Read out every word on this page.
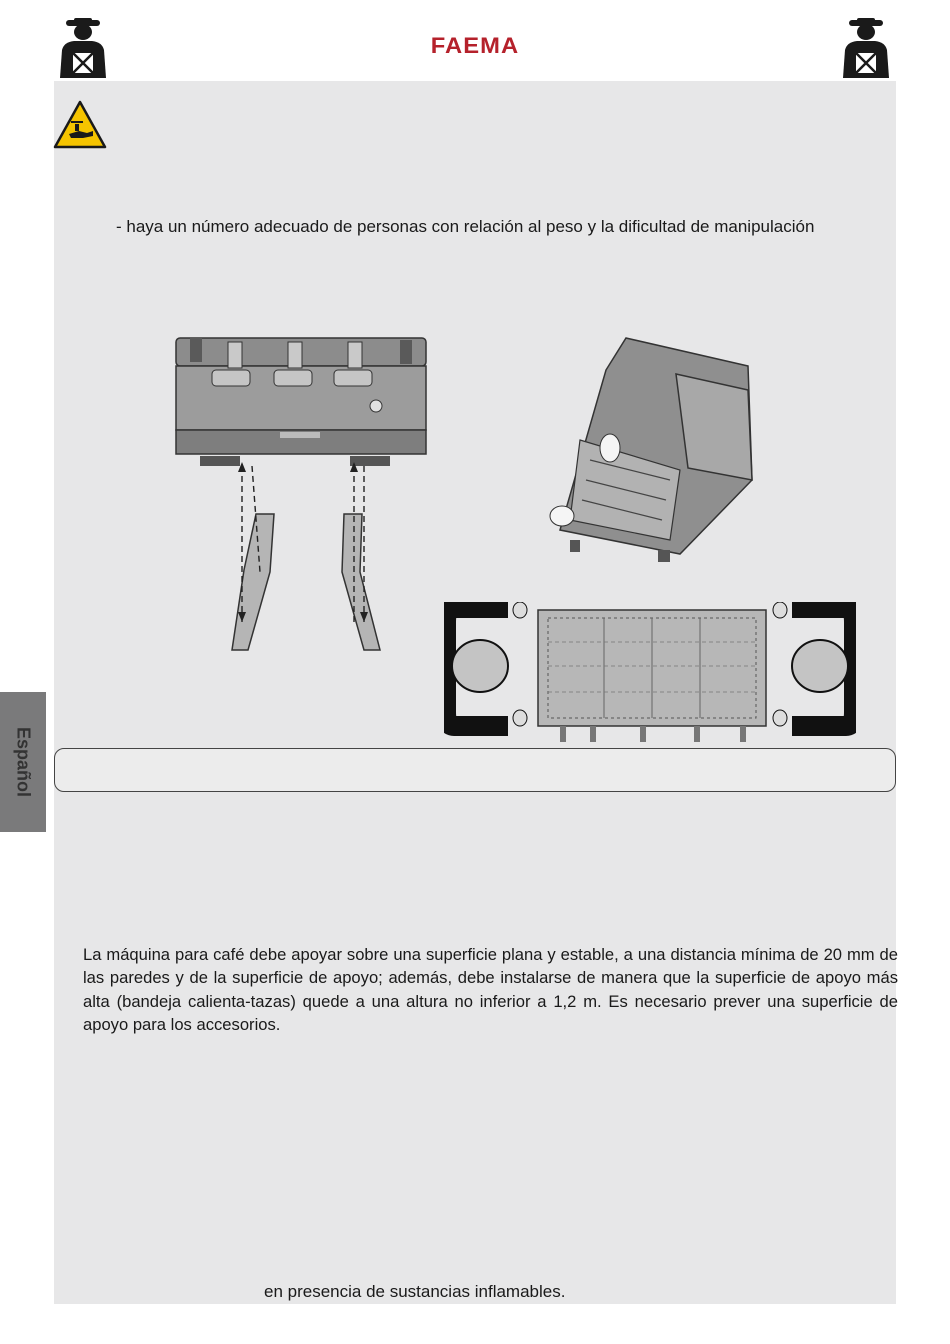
FAEMA
- haya un número adecuado de personas con relación al peso y la dificultad de manipulación
Español

La máquina para café debe apoyar sobre una superficie plana y estable, a una distancia mínima de 20 mm de las paredes y de la superficie de apoyo; además, debe instalarse de manera que la superficie de apoyo más alta (bandeja calienta-tazas) quede a una altura no inferior a 1,2 m. Es necesario prever una superficie de apoyo para los accesorios.

en presencia de sustancias inflamables.
